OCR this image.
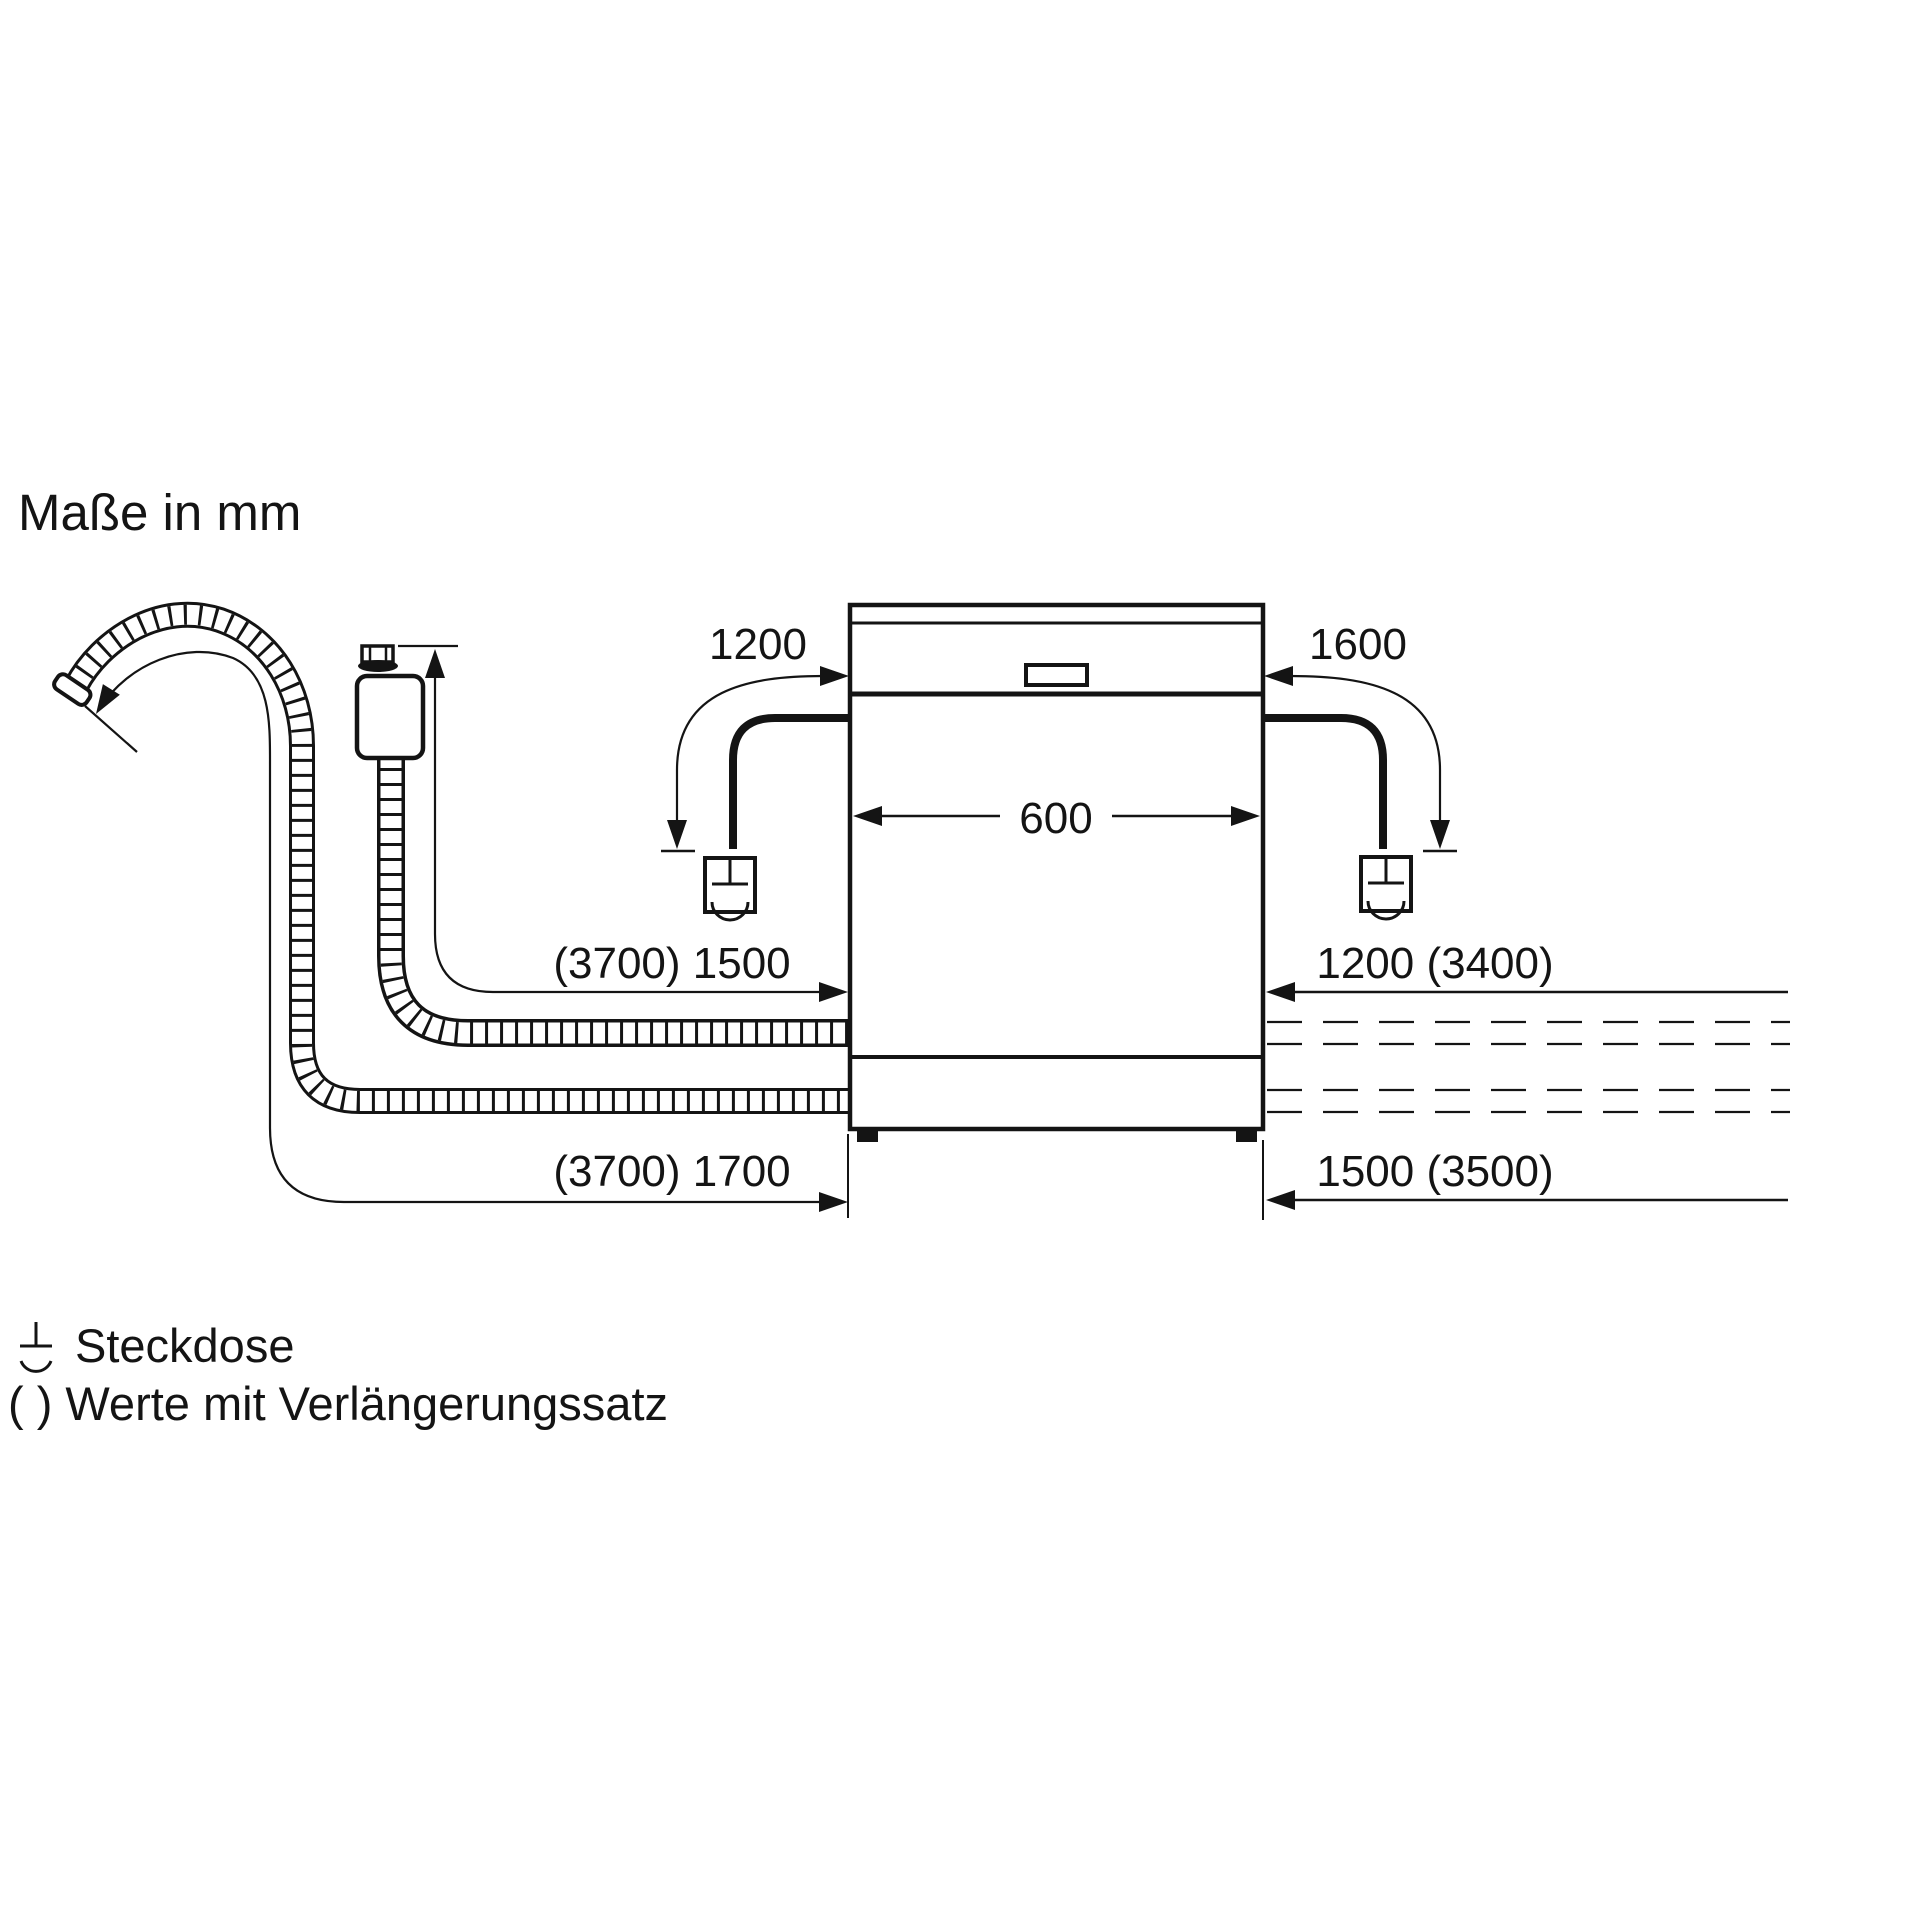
Maße in mm
1200	1600
600
(3700) 1500
(3700) 1700
1200 (3400)
1500 (3500)
Steckdose
( ) Werte mit Verlängerungssatz
